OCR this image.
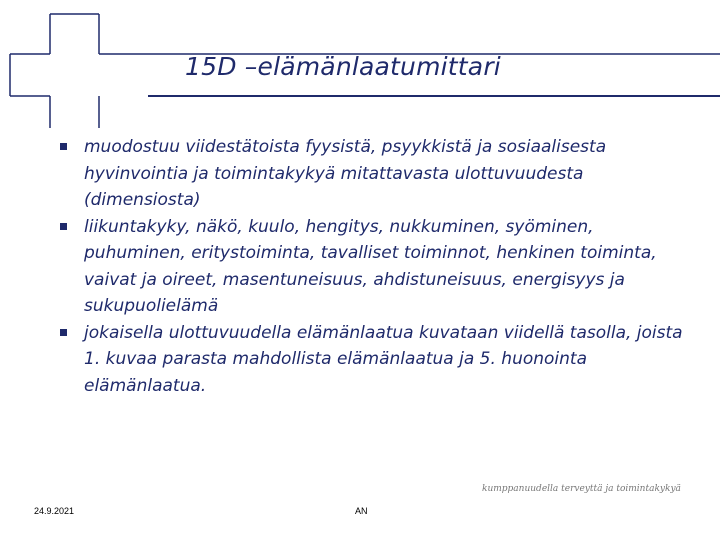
15D –elämänlaatumittari
muodostuu viidestätoista fyysistä, psyykkistä ja sosiaalisesta hyvinvointia ja toimintakykyä mitattavasta ulottuvuudesta (dimensiosta)
liikuntakyky, näkö, kuulo, hengitys, nukkuminen, syöminen, puhuminen, eritystoiminta, tavalliset toiminnot, henkinen toiminta, vaivat ja oireet, masentuneisuus, ahdistuneisuus, energisyys ja sukupuolielämä
jokaisella ulottuvuudella elämänlaatua kuvataan viidellä tasolla, joista 1. kuvaa parasta mahdollista elämänlaatua ja 5. huonointa elämänlaatua.
kumppanuudella terveyttä ja toimintakykyä
24.9.2021	AN
